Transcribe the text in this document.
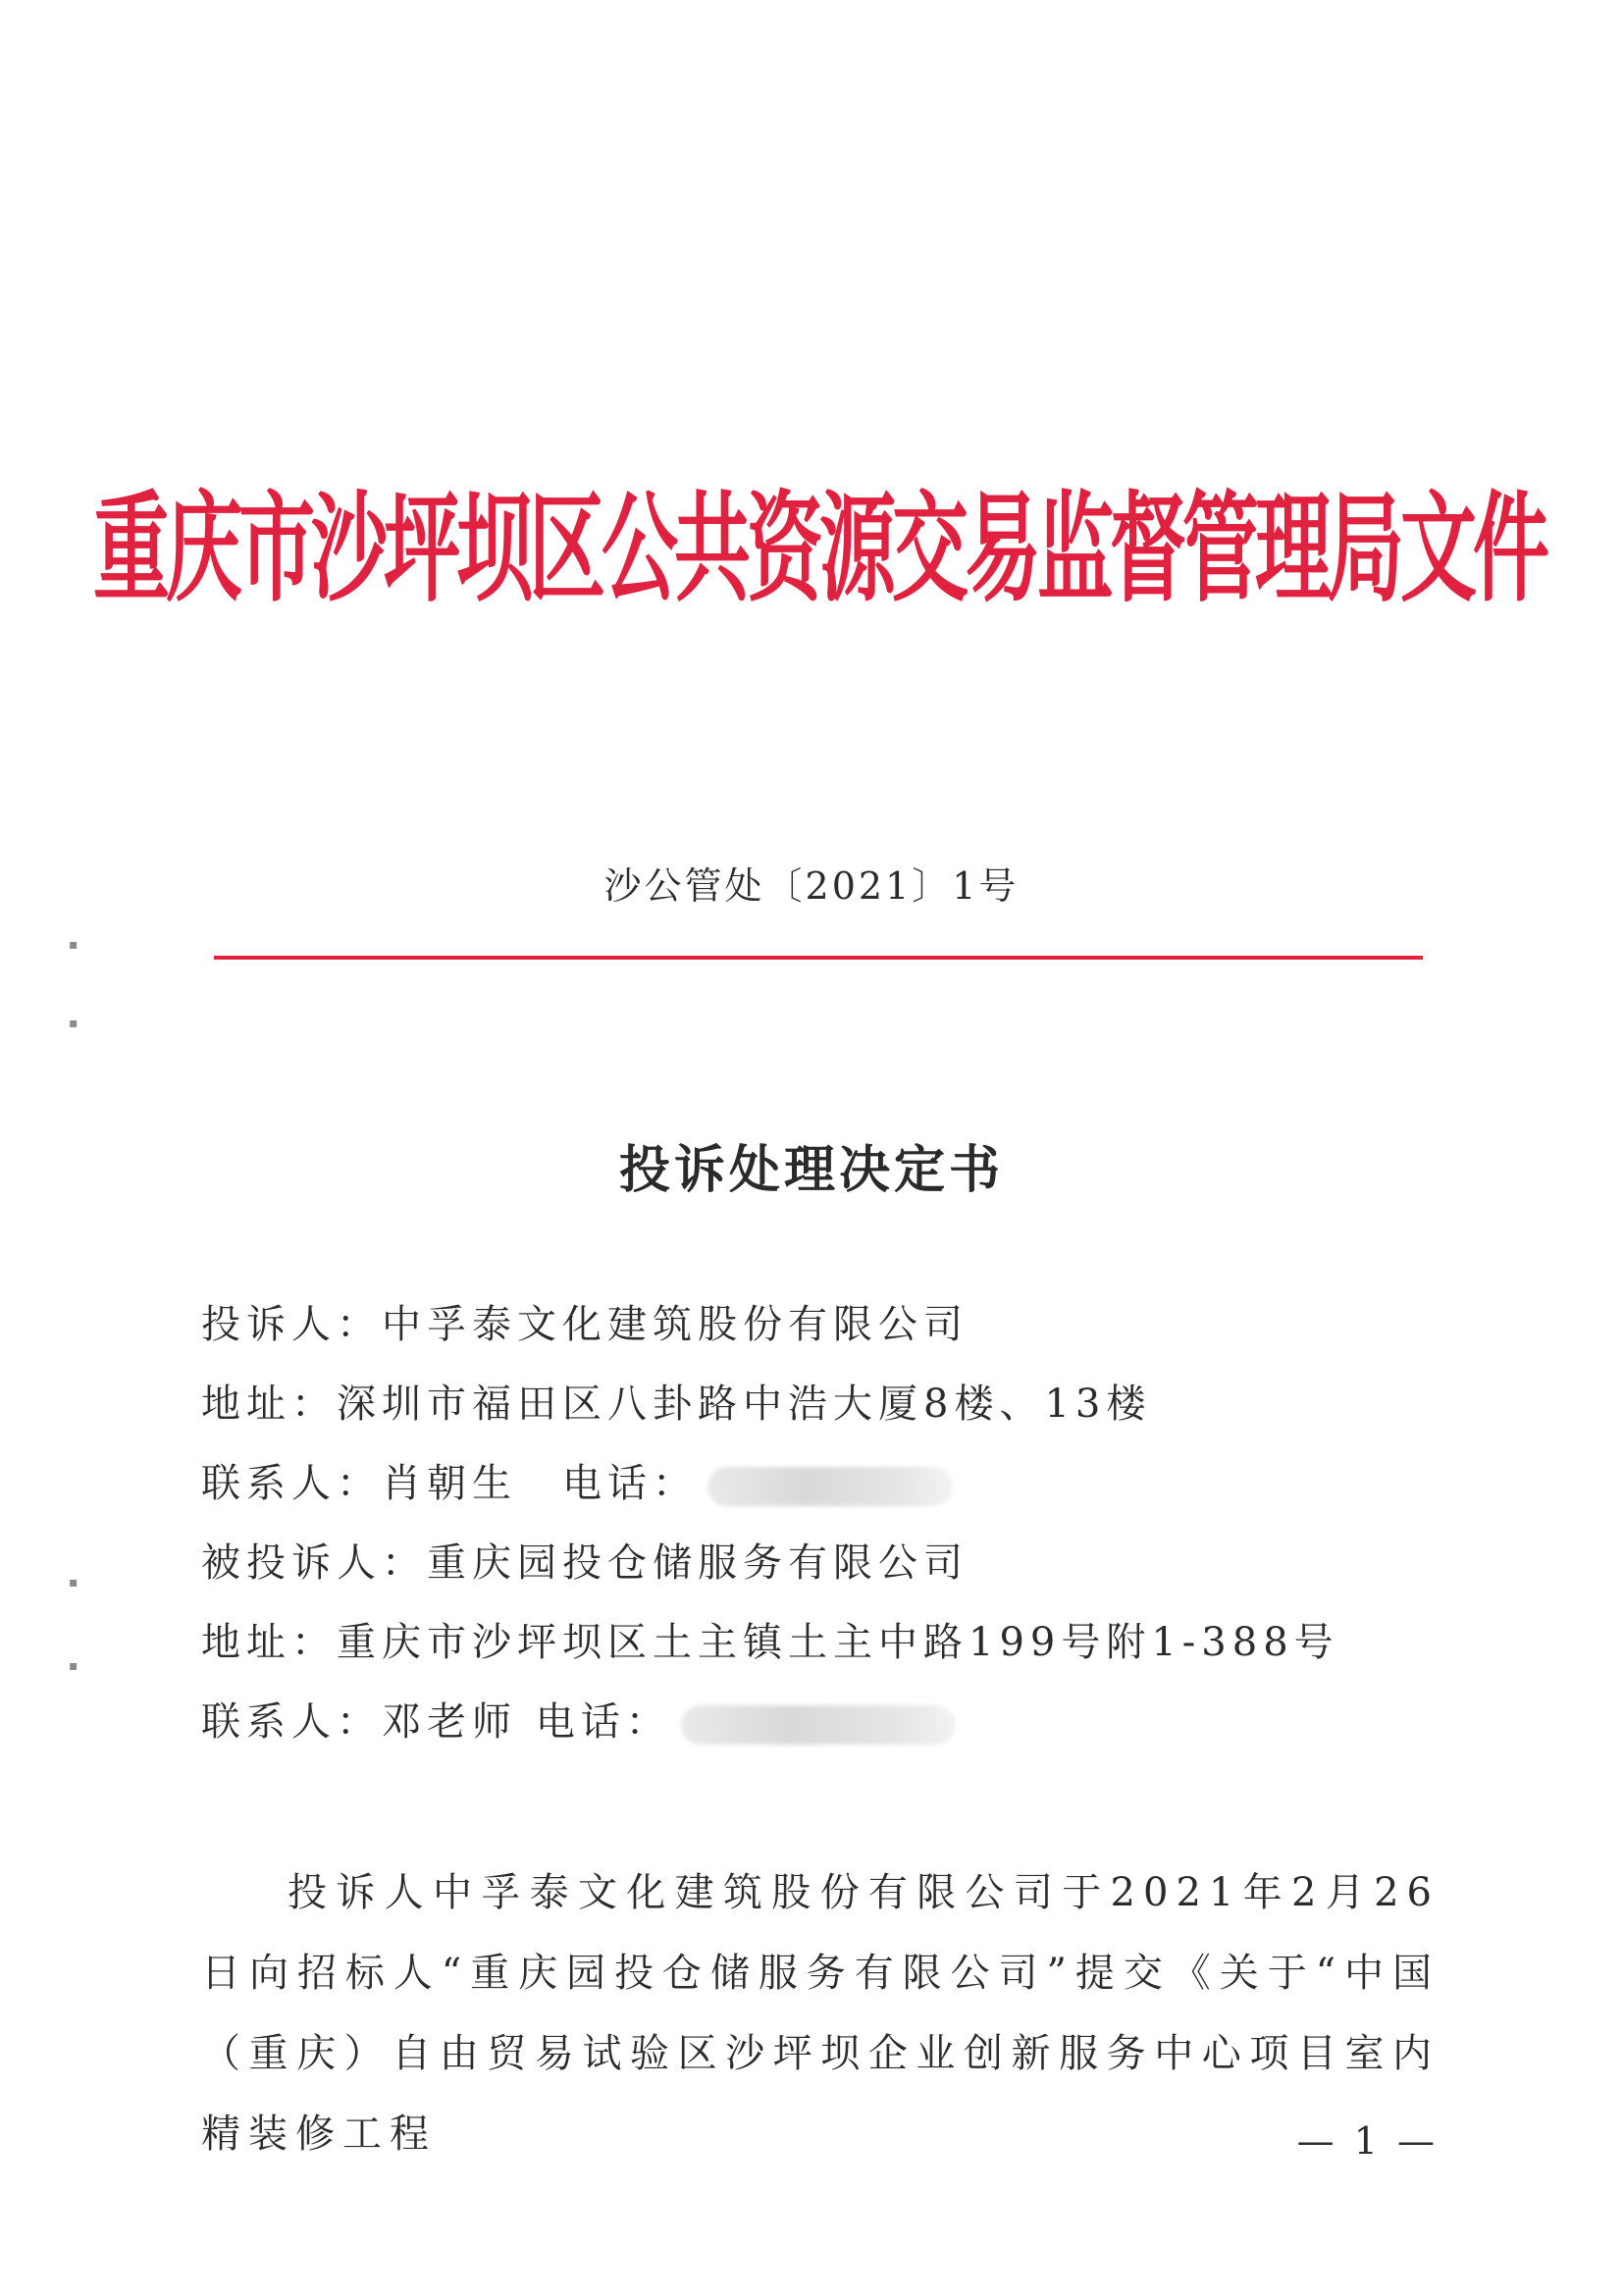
重庆市沙坪坝区公共资源交易监督管理局文件
沙公管处〔2021〕1号
▪
▪
▪
▪
投诉处理决定书
投诉人：中孚泰文化建筑股份有限公司
地址：深圳市福田区八卦路中浩大厦8楼、13楼
联系人：肖朝生　电话：
被投诉人：重庆园投仓储服务有限公司
地址：重庆市沙坪坝区土主镇土主中路199号附1-388号
联系人：邓老师 电话：
投诉人中孚泰文化建筑股份有限公司于2021年2月26日向招标人“重庆园投仓储服务有限公司”提交《关于“中国（重庆）自由贸易试验区沙坪坝企业创新服务中心项目室内精装修工程	— 1 —
